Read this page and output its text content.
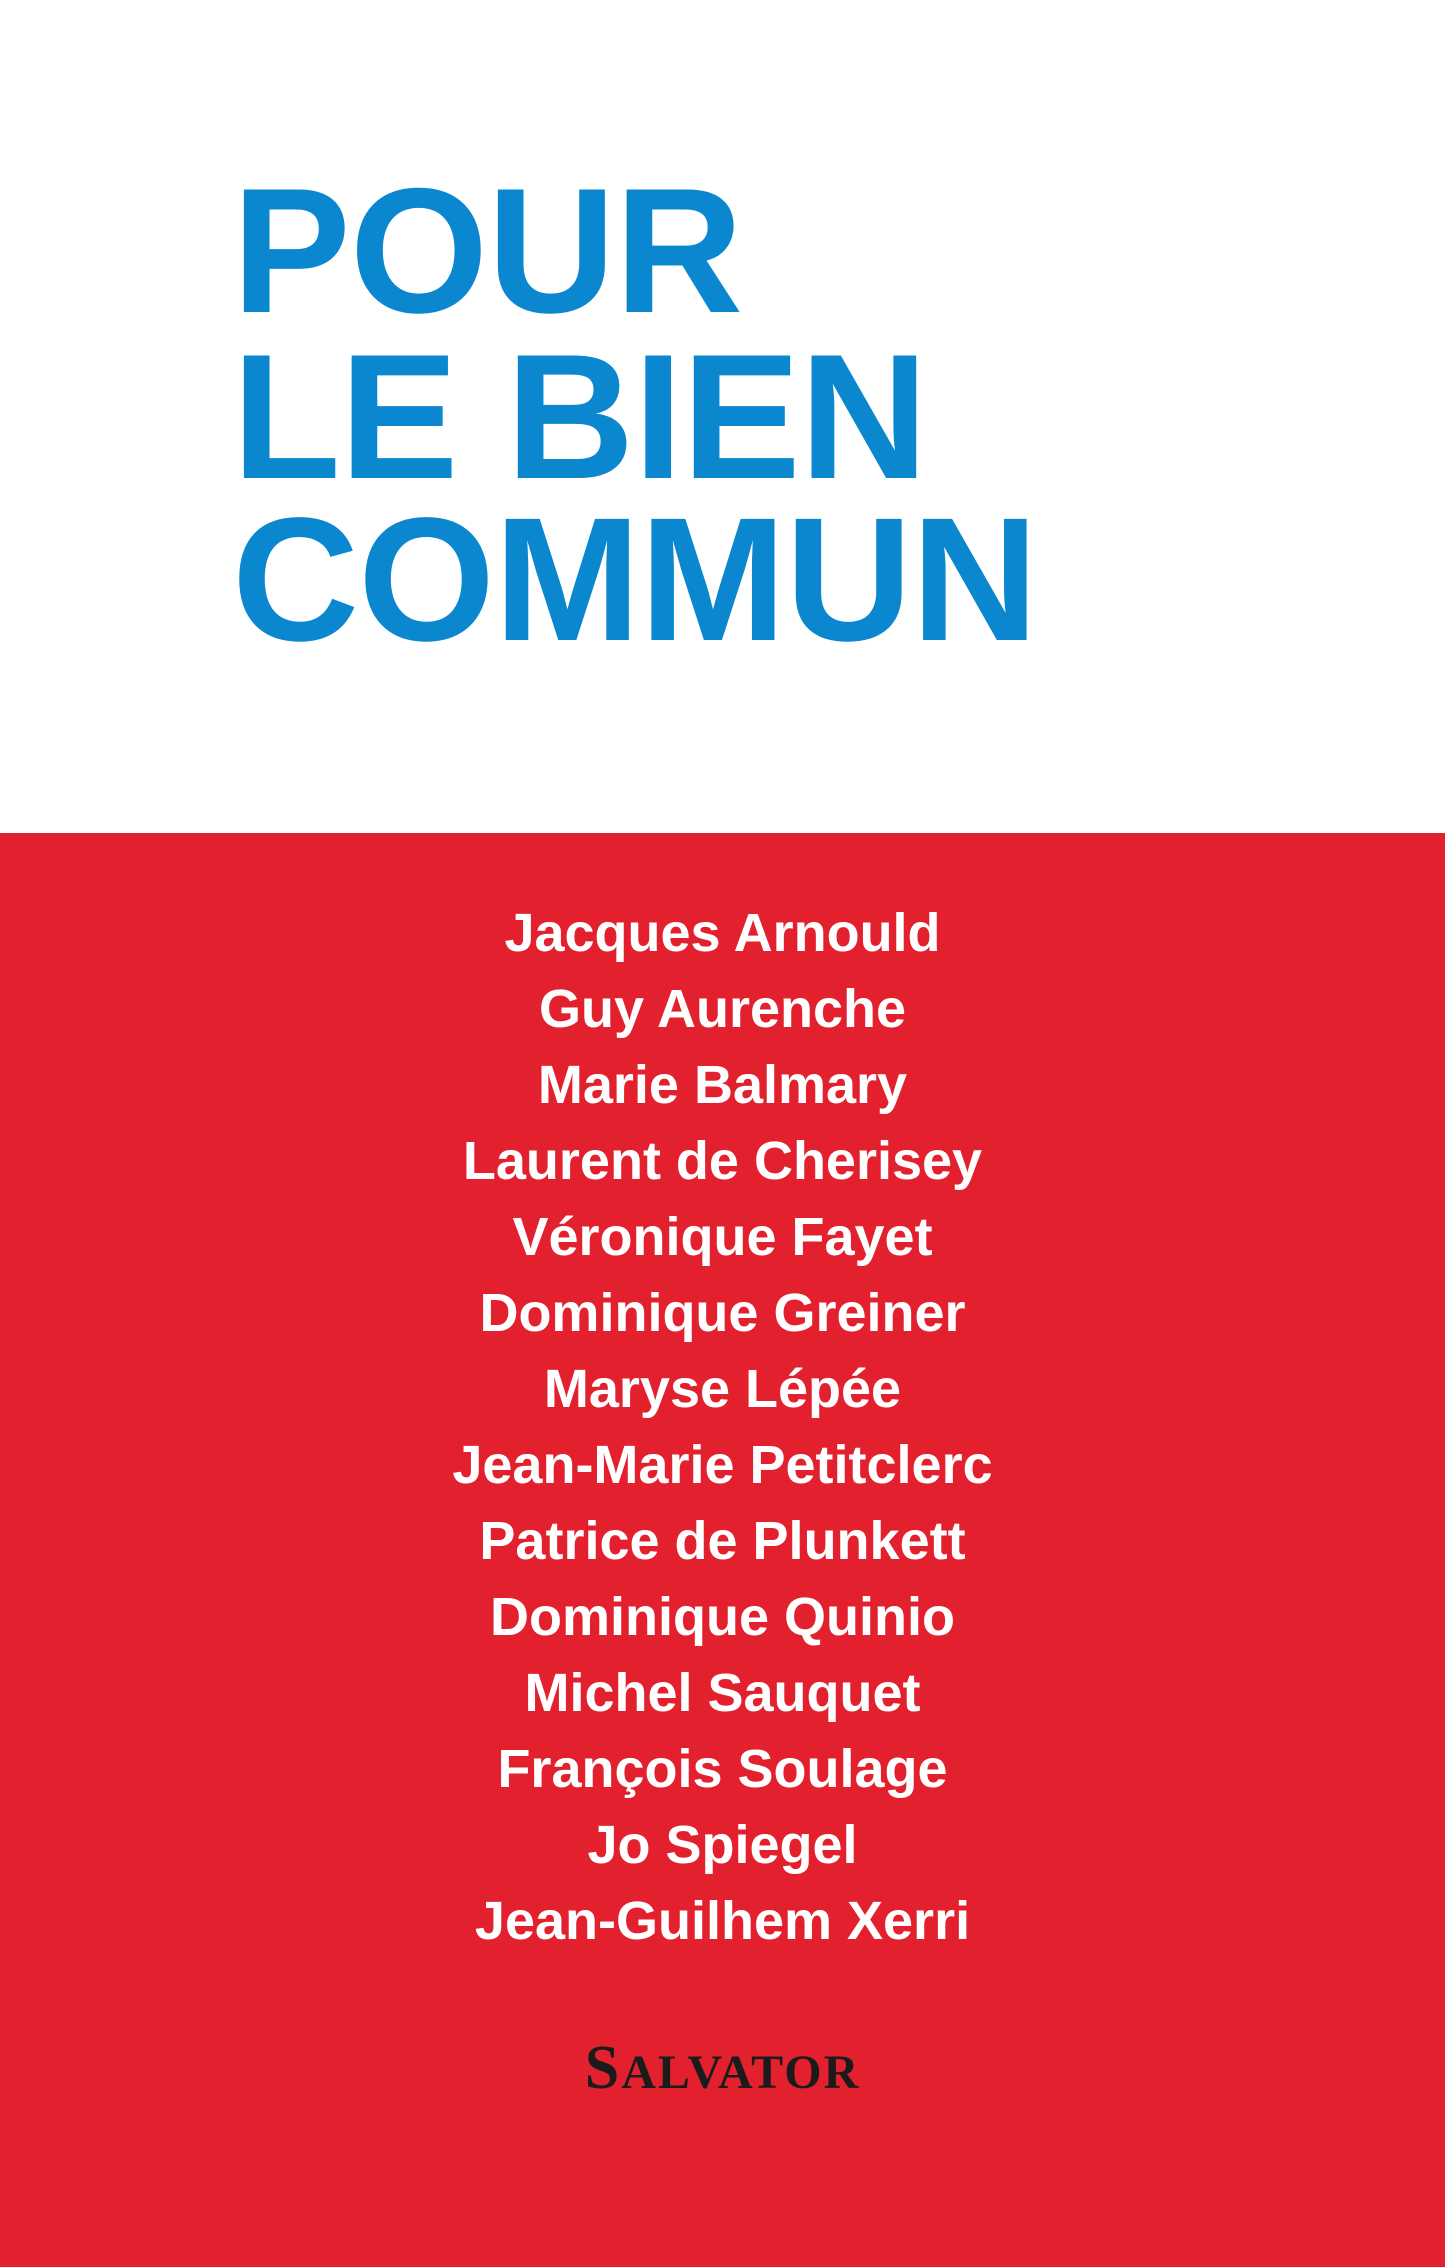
POUR
LE BIEN
COMMUN
Jacques Arnould
Guy Aurenche
Marie Balmary
Laurent de Cherisey
Véronique Fayet
Dominique Greiner
Maryse Lépée
Jean-Marie Petitclerc
Patrice de Plunkett
Dominique Quinio
Michel Sauquet
François Soulage
Jo Spiegel
Jean-Guilhem Xerri
SALVATOR
